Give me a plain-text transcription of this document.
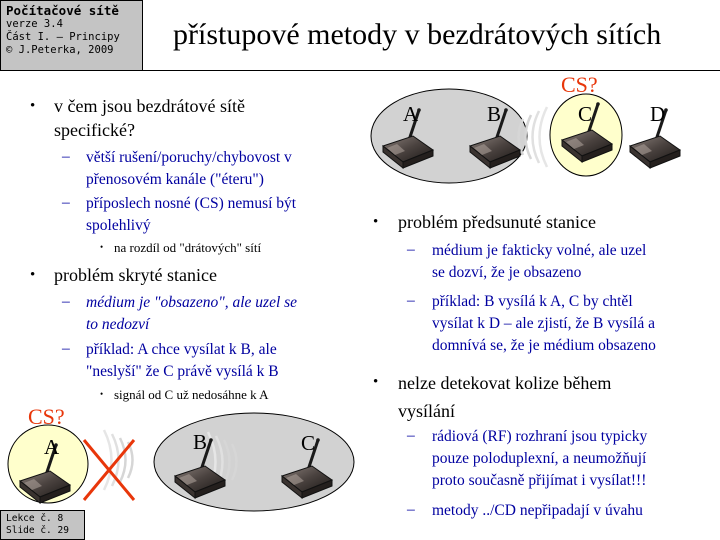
Počítačové sítě
verze 3.4
Část I. – Principy
© J.Peterka, 2009	přístupové metody v bezdrátových sítích
CS?
A	B	C	D
CS?
A	B	C
• v čem jsou bezdrátové sítě
specifické?
– větší rušení/poruchy/chybovost v
přenosovém kanále ("éteru")
– příposlech nosné (CS) nemusí být
spolehlivý
• na rozdíl od "drátových" sítí
• problém skryté stanice
– médium je "obsazeno", ale uzel se
to nedozví
– příklad: A chce vysílat k B, ale
"neslyší" že C právě vysílá k B
• signál od C už nedosáhne k A
• problém předsunuté stanice
– médium je fakticky volné, ale uzel
se dozví, že je obsazeno
– příklad: B vysílá k A, C by chtěl
vysílat k D – ale zjistí, že B vysílá a
domnívá se, že je médium obsazeno
• nelze detekovat kolize během
vysílání
– rádiová (RF) rozhraní jsou typicky
pouze poloduplexní, a neumožňují
proto současně přijímat i vysílat!!!
– metody ../CD nepřipadají v úvahu
Lekce č. 8
Slide č. 29
